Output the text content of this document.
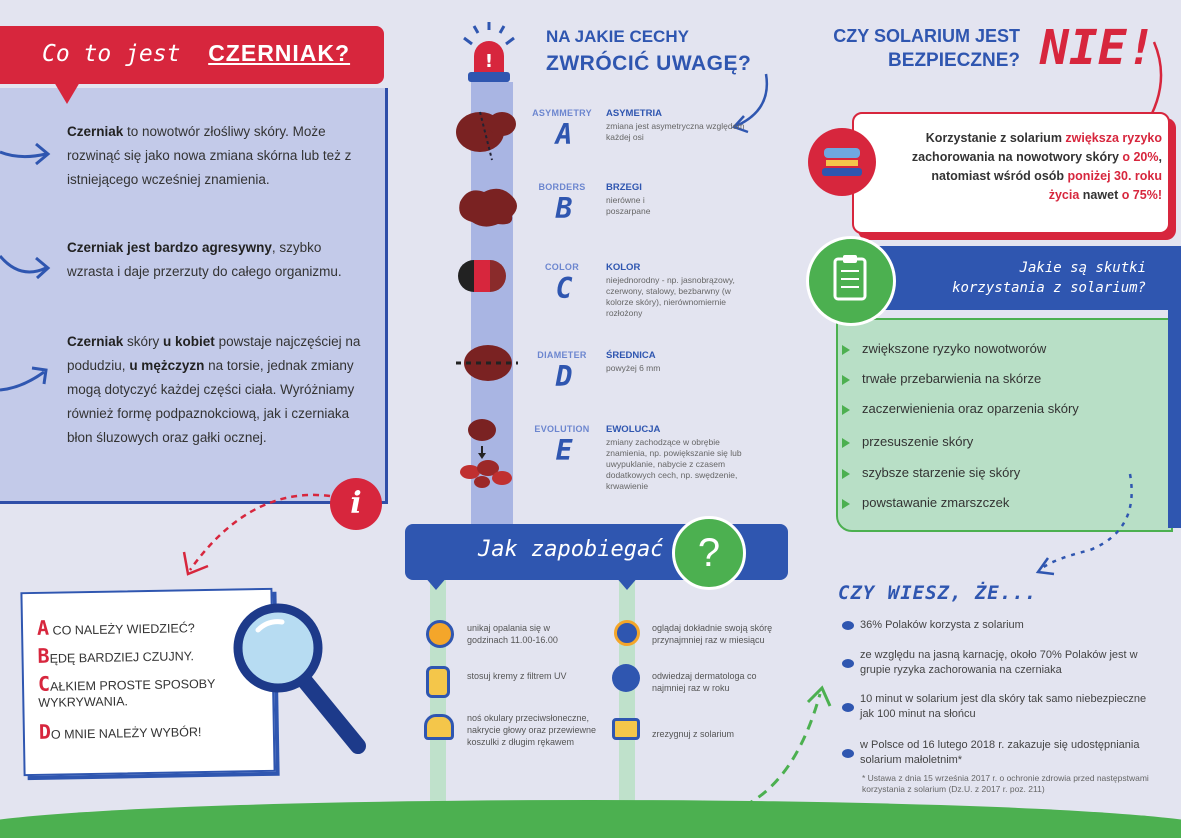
Co to jest CZERNIAK?
Czerniak to nowotwór złośliwy skóry. Może rozwinąć się jako nowa zmiana skórna lub też z istniejącego wcześniej znamienia.
Czerniak jest bardzo agresywny, szybko wzrasta i daje przerzuty do całego organizmu.
Czerniak skóry u kobiet powstaje najczęściej na podudziu, u mężczyzn na torsie, jednak zmiany mogą dotyczyć każdej części ciała. Wyróżniamy również formę podpaznokciową, jak i czerniaka błon śluzowych oraz gałki ocznej.
i
A CO NALEŻY WIEDZIEĆ?
BĘDĘ BARDZIEJ CZUJNY.
CAŁKIEM PROSTE SPOSOBY WYKRYWANIA.
DO MNIE NALEŻY WYBÓR!
!
NA JAKIE CECHY
ZWRÓCIĆ UWAGĘ?
ASYMMETRY
A
ASYMETRIA
zmiana jest asymetryczna względem każdej osi
BORDERS
B
BRZEGI
nierówne i poszarpane
COLOR
C
KOLOR
niejednorodny - np. jasnobrązowy, czerwony, stalowy, bezbarwny (w kolorze skóry), nierównomiernie rozłożony
DIAMETER
D
ŚREDNICA
powyżej 6 mm
EVOLUTION
E
EWOLUCJA
zmiany zachodzące w obrębie znamienia, np. powiększanie się lub uwypuklanie, nabycie z czasem dodatkowych cech, np. swędzenie, krwawienie
Jak zapobiegać ?
unikaj opalania się w godzinach 11.00-16.00
stosuj kremy z filtrem UV
noś okulary przeciwsłoneczne, nakrycie głowy oraz przewiewne koszulki z długim rękawem
oglądaj dokładnie swoją skórę przynajmniej raz w miesiącu
odwiedzaj dermatologa co najmniej raz w roku
zrezygnuj z solarium
CZY SOLARIUM JEST
BEZPIECZNE? NIE!
Korzystanie z solarium zwiększa ryzyko zachorowania na nowotwory skóry o 20%, natomiast wśród osób poniżej 30. roku życia nawet o 75%!
Jakie są skutki
korzystania z solarium?
zwiększone ryzyko nowotworów
trwałe przebarwienia na skórze
zaczerwienienia oraz oparzenia skóry
przesuszenie skóry
szybsze starzenie się skóry
powstawanie zmarszczek
CZY WIESZ, ŻE...
36% Polaków korzysta z solarium
ze względu na jasną karnację, około 70% Polaków jest w grupie ryzyka zachorowania na czerniaka
10 minut w solarium jest dla skóry tak samo niebezpieczne jak 100 minut na słońcu
w Polsce od 16 lutego 2018 r. zakazuje się udostępniania solarium małoletnim*
* Ustawa z dnia 15 września 2017 r. o ochronie zdrowia przed następstwami korzystania z solarium (Dz.U. z 2017 r. poz. 211)
